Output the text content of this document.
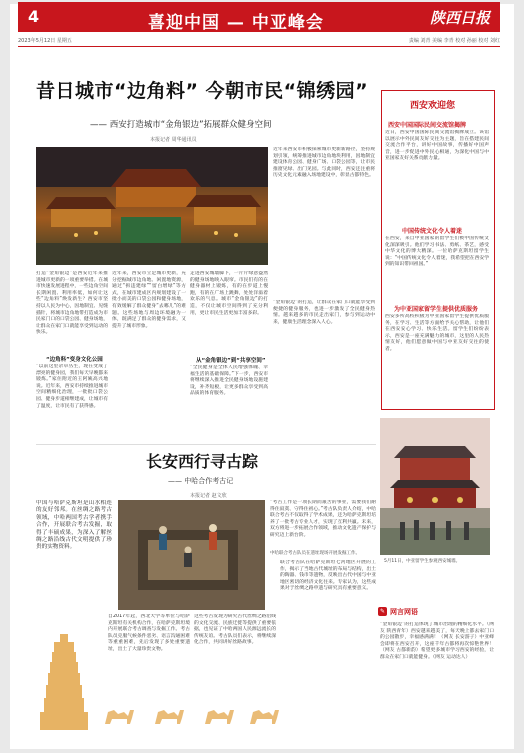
4	喜迎中国 — 中亚峰会	陕西日报
2023年5月12日 星期五	责编 刘青 美编 李青 校对 孙丽 校对 刘红
昔日城市“边角料” 今朝市民“锦绣园”
—— 西安打造城市“金角银边”拓展群众健身空间
本报记者 周华通讯员
打造“金角银边”是西安近年来推进城市更新的一项重要举措。在城市快速发展进程中，一些边角空间长期闲置、利用率低，如何让这些“边角料”焕发新生？西安市坚持以人民为中心，因地制宜、见缝插针，将城市边角地带打造成为市民家门口的口袋公园、健身场地，让群众在家门口就能享受到运动的快乐。
“边角料”变身文化公园
“以前这里杂草丛生，现在变成了漂亮的健身园，我们每天早晚都来锻炼。”家住附近的王阿姨高兴地说。近年来，西安市持续推进城市空间精细化治理，一批批口袋公园、健身步道相继建成，让城市有了温度，让市民有了获得感。
近年来，西安市立足城市更新，充分挖掘城市边角地、闲置地资源，通过“拆违建绿”“留白增绿”等方式，在城市建成区内规划建设了一批小而美的口袋公园和健身场地，有效缓解了群众健身“去哪儿”的难题。这些场地与周边环境融为一体，既满足了群众的健身需求，又提升了城市形象。
走进西安城墙脚下，一片片绿意盎然的健身场地映入眼帘。市民们有的在健身器材上锻炼，有的在步道上慢跑，有的在广场上跳舞，处处洋溢着欢乐的气息。城市“金角银边”的打造，不仅让城市空间得到了充分利用，更让市民生活更加丰富多彩。
从“金角银边”到“共享空间”
“全民健身是全体人民增强体魄、幸福生活的基础保障。”下一步，西安市将继续深入推进全民健身场地设施建设，补齐短板，让更多群众享受到高品质的体育服务。
近年来西安市积极探索城市更新新路径，坚持规划引领，统筹推进城市边角地块利用，因地制宜建设体育公园、健身广场、口袋公园等，让市民推窗见绿、出门见园。与此同时，西安还注重将历史文化元素融入场地建设中，彰显古都特色。
“金角银边”的打造，让群众在家门口就能享受到便捷的健身服务，也进一步激发了全民健身热情。越来越多的市民走出家门，参与到运动中来，健康生活理念深入人心。
长安西行寻古踪
—— 中哈合作考古记
本报记者 赵文欣
中国与哈萨克斯坦是山水相连的友好邻邦。在丝绸之路考古领域，中哈两国考古学者携手合作，开展联合考古发掘，取得了丰硕成果，为深入了解丝绸之路沿线古代文明提供了珍贵的实物资料。
中哈联合考古队员在遗址现场开展发掘工作。
自2017年起，西北大学等单位与哈萨克斯坦有关机构合作，在哈萨克斯坦境内开展联合考古调查与发掘工作。考古队员克服气候条件恶劣、语言沟通困难等重重困难，先后发现了多处重要遗址，出土了大量珍贵文物。
这些考古发现为研究古代丝绸之路沿线的文化交流、民族迁徙等提供了重要依据，也见证了中哈两国人民源远流长的传统友谊。考古队员们表示，将继续深化合作，共同讲好丝路故事。
“考古工作是一项长期而艰苦的事业，需要我们耐得住寂寞、守得住初心。”考古队负责人介绍，中哈联合考古不仅取得了学术成果，还为哈萨克斯坦培养了一批考古专业人才，实现了互利共赢。未来，双方将进一步拓展合作领域，推动文化遗产保护与研究迈上新台阶。
联合考古队在哈萨克斯坦七河地区开展的工作，揭示了当地古代城址的布局与结构，出土的陶器、钱币等遗物，反映出古代中国与中亚地区密切的经济文化往来。专家认为，这些成果对于丝绸之路申遗与研究具有重要意义。
西安欢迎您
西安中国国际民间交流馆揭牌
近日，西安中国国际民间交流馆揭牌成立。该馆以展示中外民间友好交往为主题，旨在搭建民间交流合作平台，讲好中国故事，传播好中国声音，进一步促进中外民心相通，为深化中国与中亚国家友好关系贡献力量。
中国传统文化令人着迷
在西安，来自中亚国家的留学生们被中国传统文化深深吸引。他们学习书法、剪纸、茶艺，感受中华文化的博大精深。一位哈萨克斯坦留学生说：“中国传统文化令人着迷，我希望把在西安学到的知识带回祖国。”
为中亚国家留学生提供优质服务
西安多所高校积极为中亚国家留学生提供优质服务，在学习、生活等方面给予关心帮助，让他们在西安安心学习、快乐生活。留学生们纷纷表示，西安是一座充满魅力的城市，这里的人民热情友好，他们愿意做中国与中亚友好交往的使者。
5月11日，中亚留学生参观西安城墙。
✎ 网言网语
“金角银边”的打造体现了城市治理的精细化水平。（网友 陕西青年）西安越来越美了，每天晚上都去家门口的公园散步，幸福感满满！（网友 长安游子）中亚峰会即将在西安召开，这座千年古都将再次惊艳世界！（网友 古都新韵）希望更多城市学习西安的经验，让群众在家门口就能健身。（网友 运动达人）
